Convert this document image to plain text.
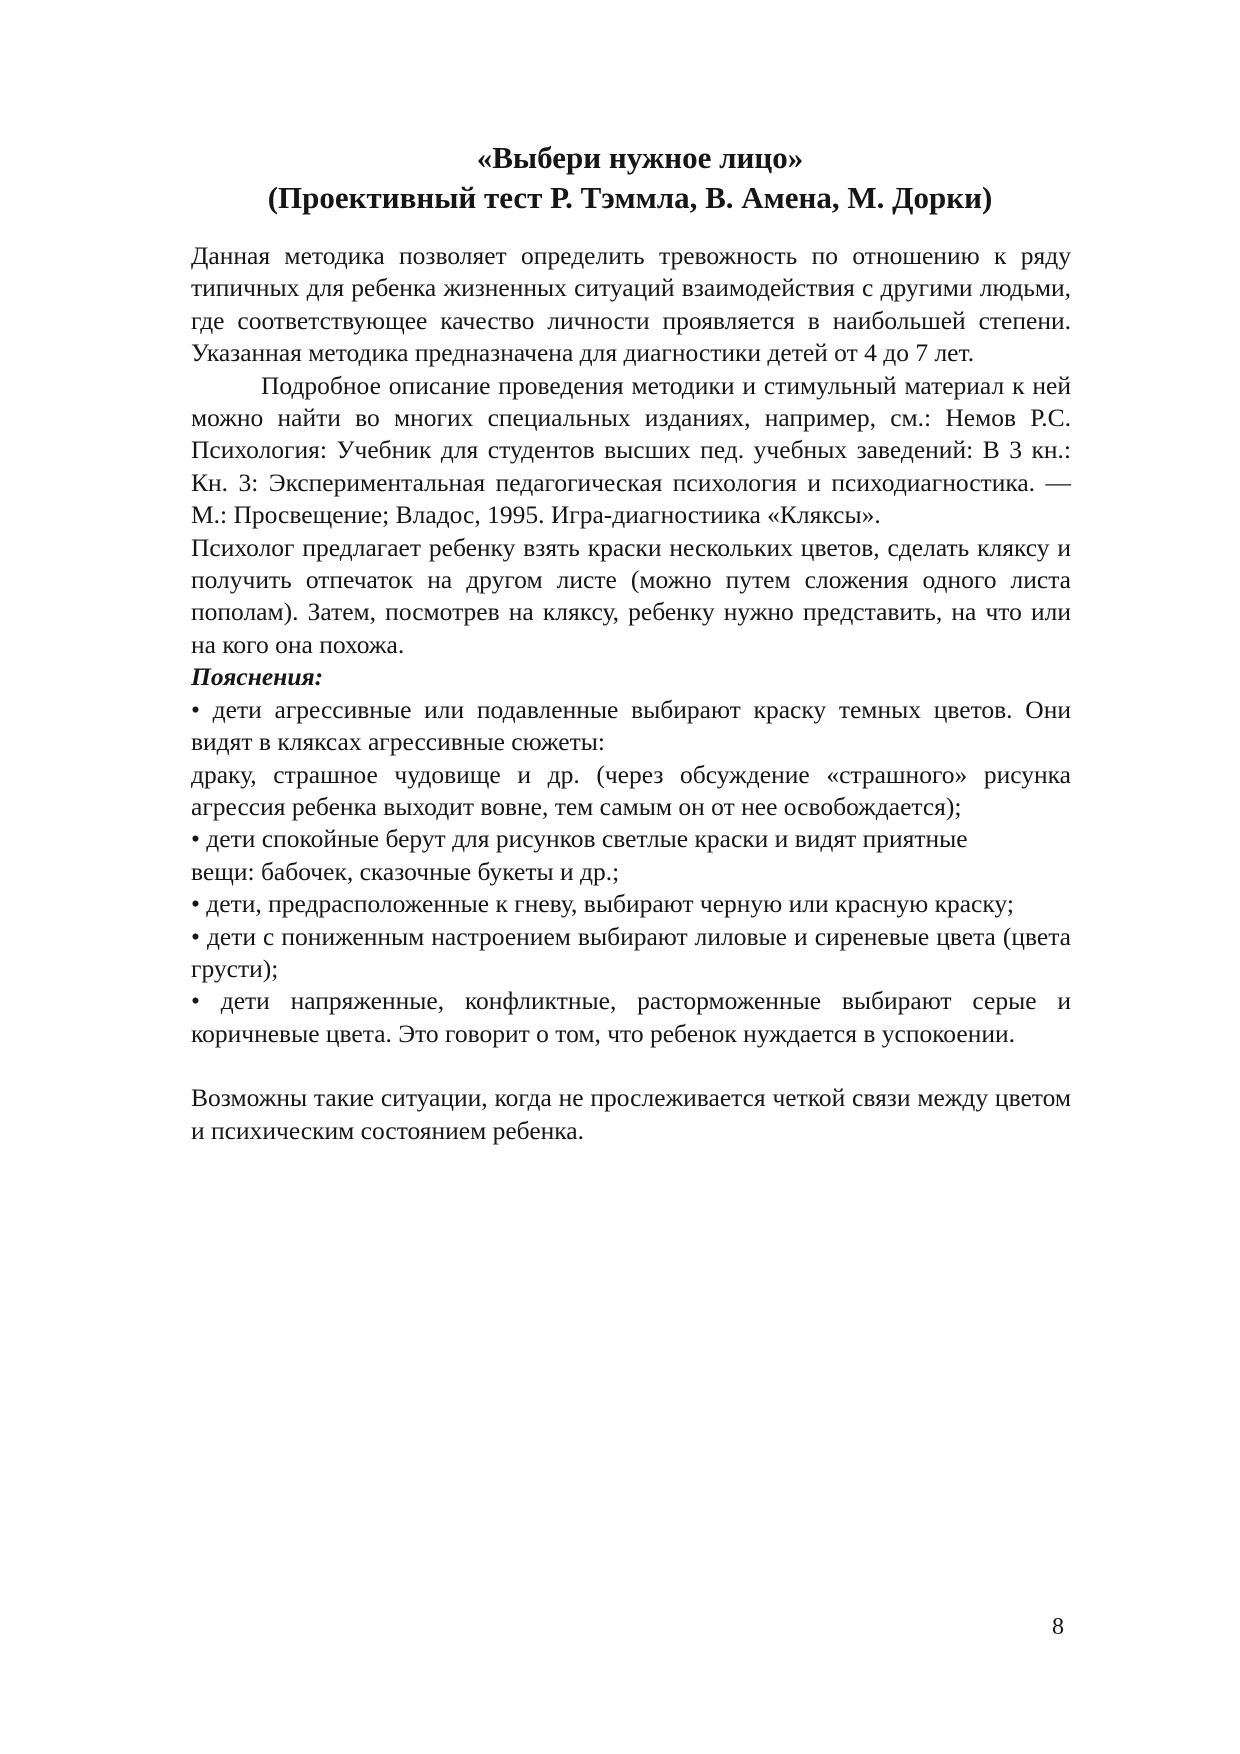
«Выбери нужное лицо»
(Проективный тест Р. Тэммла, В. Амена, М. Дорки)

Данная методика позволяет определить тревожность по отношению к ряду типичных для ребенка жизненных ситуаций взаимодействия с другими людьми, где соответствующее качество личности проявляется в наибольшей степени. Указанная методика предназначена для диагностики детей от 4 до 7 лет.

Подробное описание проведения методики и стимульный материал к ней можно найти во многих специальных изданиях, например, см.: Немов Р.С. Психология: Учебник для студентов высших пед. учебных заведений: В 3 кн.: Кн. 3: Экспериментальная педагогическая психология и психодиагностика. — М.: Просвещение; Владос, 1995. Игра-диагностиика «Кляксы».

Психолог предлагает ребенку взять краски нескольких цветов, сделать кляксу и получить отпечаток на другом листе (можно путем сложения одного листа пополам). Затем, посмотрев на кляксу, ребенку нужно представить, на что или на кого она похожа.

Пояснения:

• дети агрессивные или подавленные выбирают краску темных цветов. Они видят в кляксах агрессивные сюжеты:

драку, страшное чудовище и др. (через обсуждение «страшного» рисунка агрессия ребенка выходит вовне, тем самым он от нее освобождается);

• дети спокойные берут для рисунков светлые краски и видят приятные

вещи: бабочек, сказочные букеты и др.;

• дети, предрасположенные к гневу, выбирают черную или красную краску;

• дети с пониженным настроением выбирают лиловые и сиреневые цвета (цвета грусти);

• дети напряженные, конфликтные, расторможенные выбирают серые и коричневые цвета. Это говорит о том, что ребенок нуждается в успокоении.

Возможны такие ситуации, когда не прослеживается четкой связи между цветом и психическим состоянием ребенка.

8
